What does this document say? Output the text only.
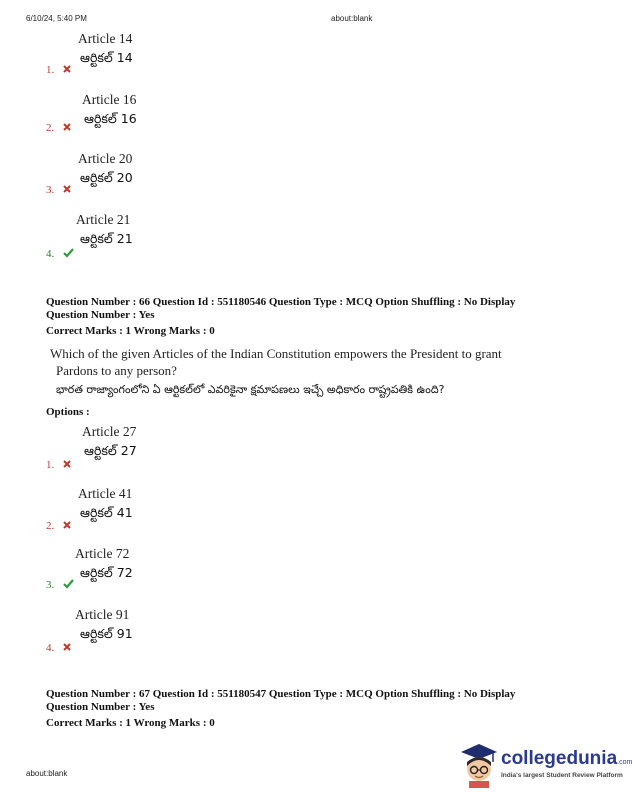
6/10/24, 5:40 PM	about:blank
Article 14
ఆర్టికల్ 14
1.
Article 16
ఆర్టికల్ 16
2.
Article 20
ఆర్టికల్ 20
3.
Article 21
ఆర్టికల్ 21
4.
Question Number : 66 Question Id : 551180546 Question Type : MCQ Option Shuffling : No Display
Question Number : Yes
Correct Marks : 1 Wrong Marks : 0
Which of the given Articles of the Indian Constitution empowers the President to grant
Pardons to any person?
భారత రాజ్యాంగంలోని ఏ ఆర్టికల్‌లో ఎవరికైనా క్షమాపణలు ఇచ్చే అధికారం రాష్ట్రపతికి ఉంది?
Options :
Article 27
ఆర్టికల్ 27
1.
Article 41
ఆర్టికల్ 41
2.
Article 72
ఆర్టికల్ 72
3.
Article 91
ఆర్టికల్ 91
4.
Question Number : 67 Question Id : 551180547 Question Type : MCQ Option Shuffling : No Display
Question Number : Yes
Correct Marks : 1 Wrong Marks : 0
about:blank
collegedunia.com
India's largest Student Review Platform
